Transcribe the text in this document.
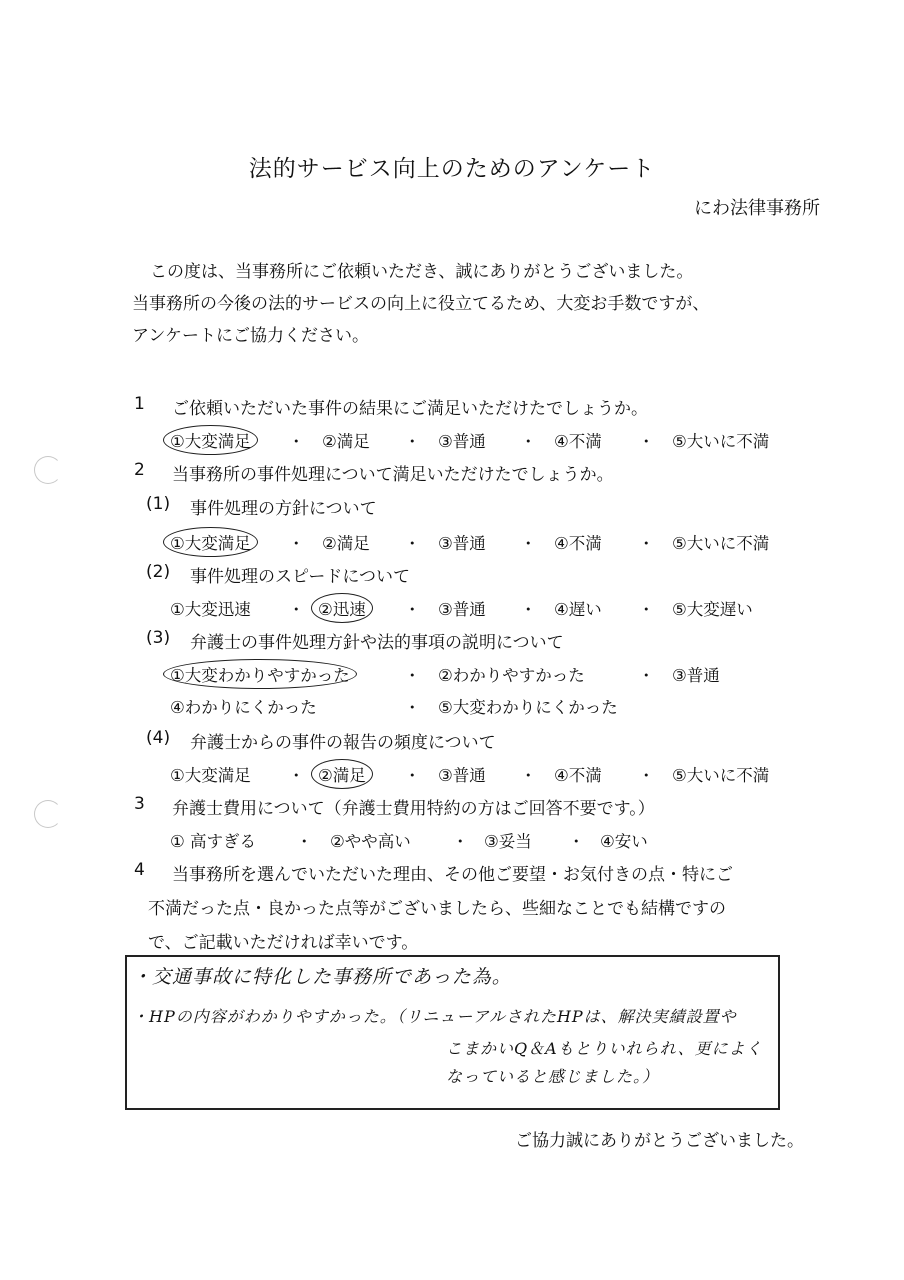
法的サービス向上のためのアンケート
にわ法律事務所

この度は、当事務所にご依頼いただき、誠にありがとうございました。

当事務所の今後の法的サービスの向上に役立てるため、大変お手数ですが、

アンケートにご協力ください。

1 ご依頼いただいた事件の結果にご満足いただけたでしょうか。
①大変満足	・ ②満足 ・ ③普通 ・ ④不満 ・ ⑤大いに不満
2 当事務所の事件処理について満足いただけたでしょうか。
(1) 事件処理の方針について
①大変満足	・ ②満足 ・ ③普通 ・ ④不満 ・ ⑤大いに不満
(2) 事件処理のスピードについて
①大変迅速 ・ ②迅速	・ ③普通 ・ ④遅い ・ ⑤大変遅い
(3) 弁護士の事件処理方針や法的事項の説明について
①大変わかりやすかった	・ ②わかりやすかった	・ ③普通
④わかりにくかった	・ ⑤大変わかりにくかった
(4) 弁護士からの事件の報告の頻度について
①大変満足 ・ ②満足	・ ③普通 ・ ④不満 ・ ⑤大いに不満
3 弁護士費用について（弁護士費用特約の方はご回答不要です。）
① 高すぎる ・ ②やや高い ・ ③妥当 ・ ④安い
4 当事務所を選んでいただいた理由、その他ご要望・お気付きの点・特にご
不満だった点・良かった点等がございましたら、些細なことでも結構ですの
で、ご記載いただければ幸いです。
・交通事故に特化した事務所であった為。
・HPの内容がわかりやすかった。（リニューアルされたHPは、解決実績設置や
こまかいQ＆Aもとりいれられ、更によく
なっていると感じました。）
ご協力誠にありがとうございました。
